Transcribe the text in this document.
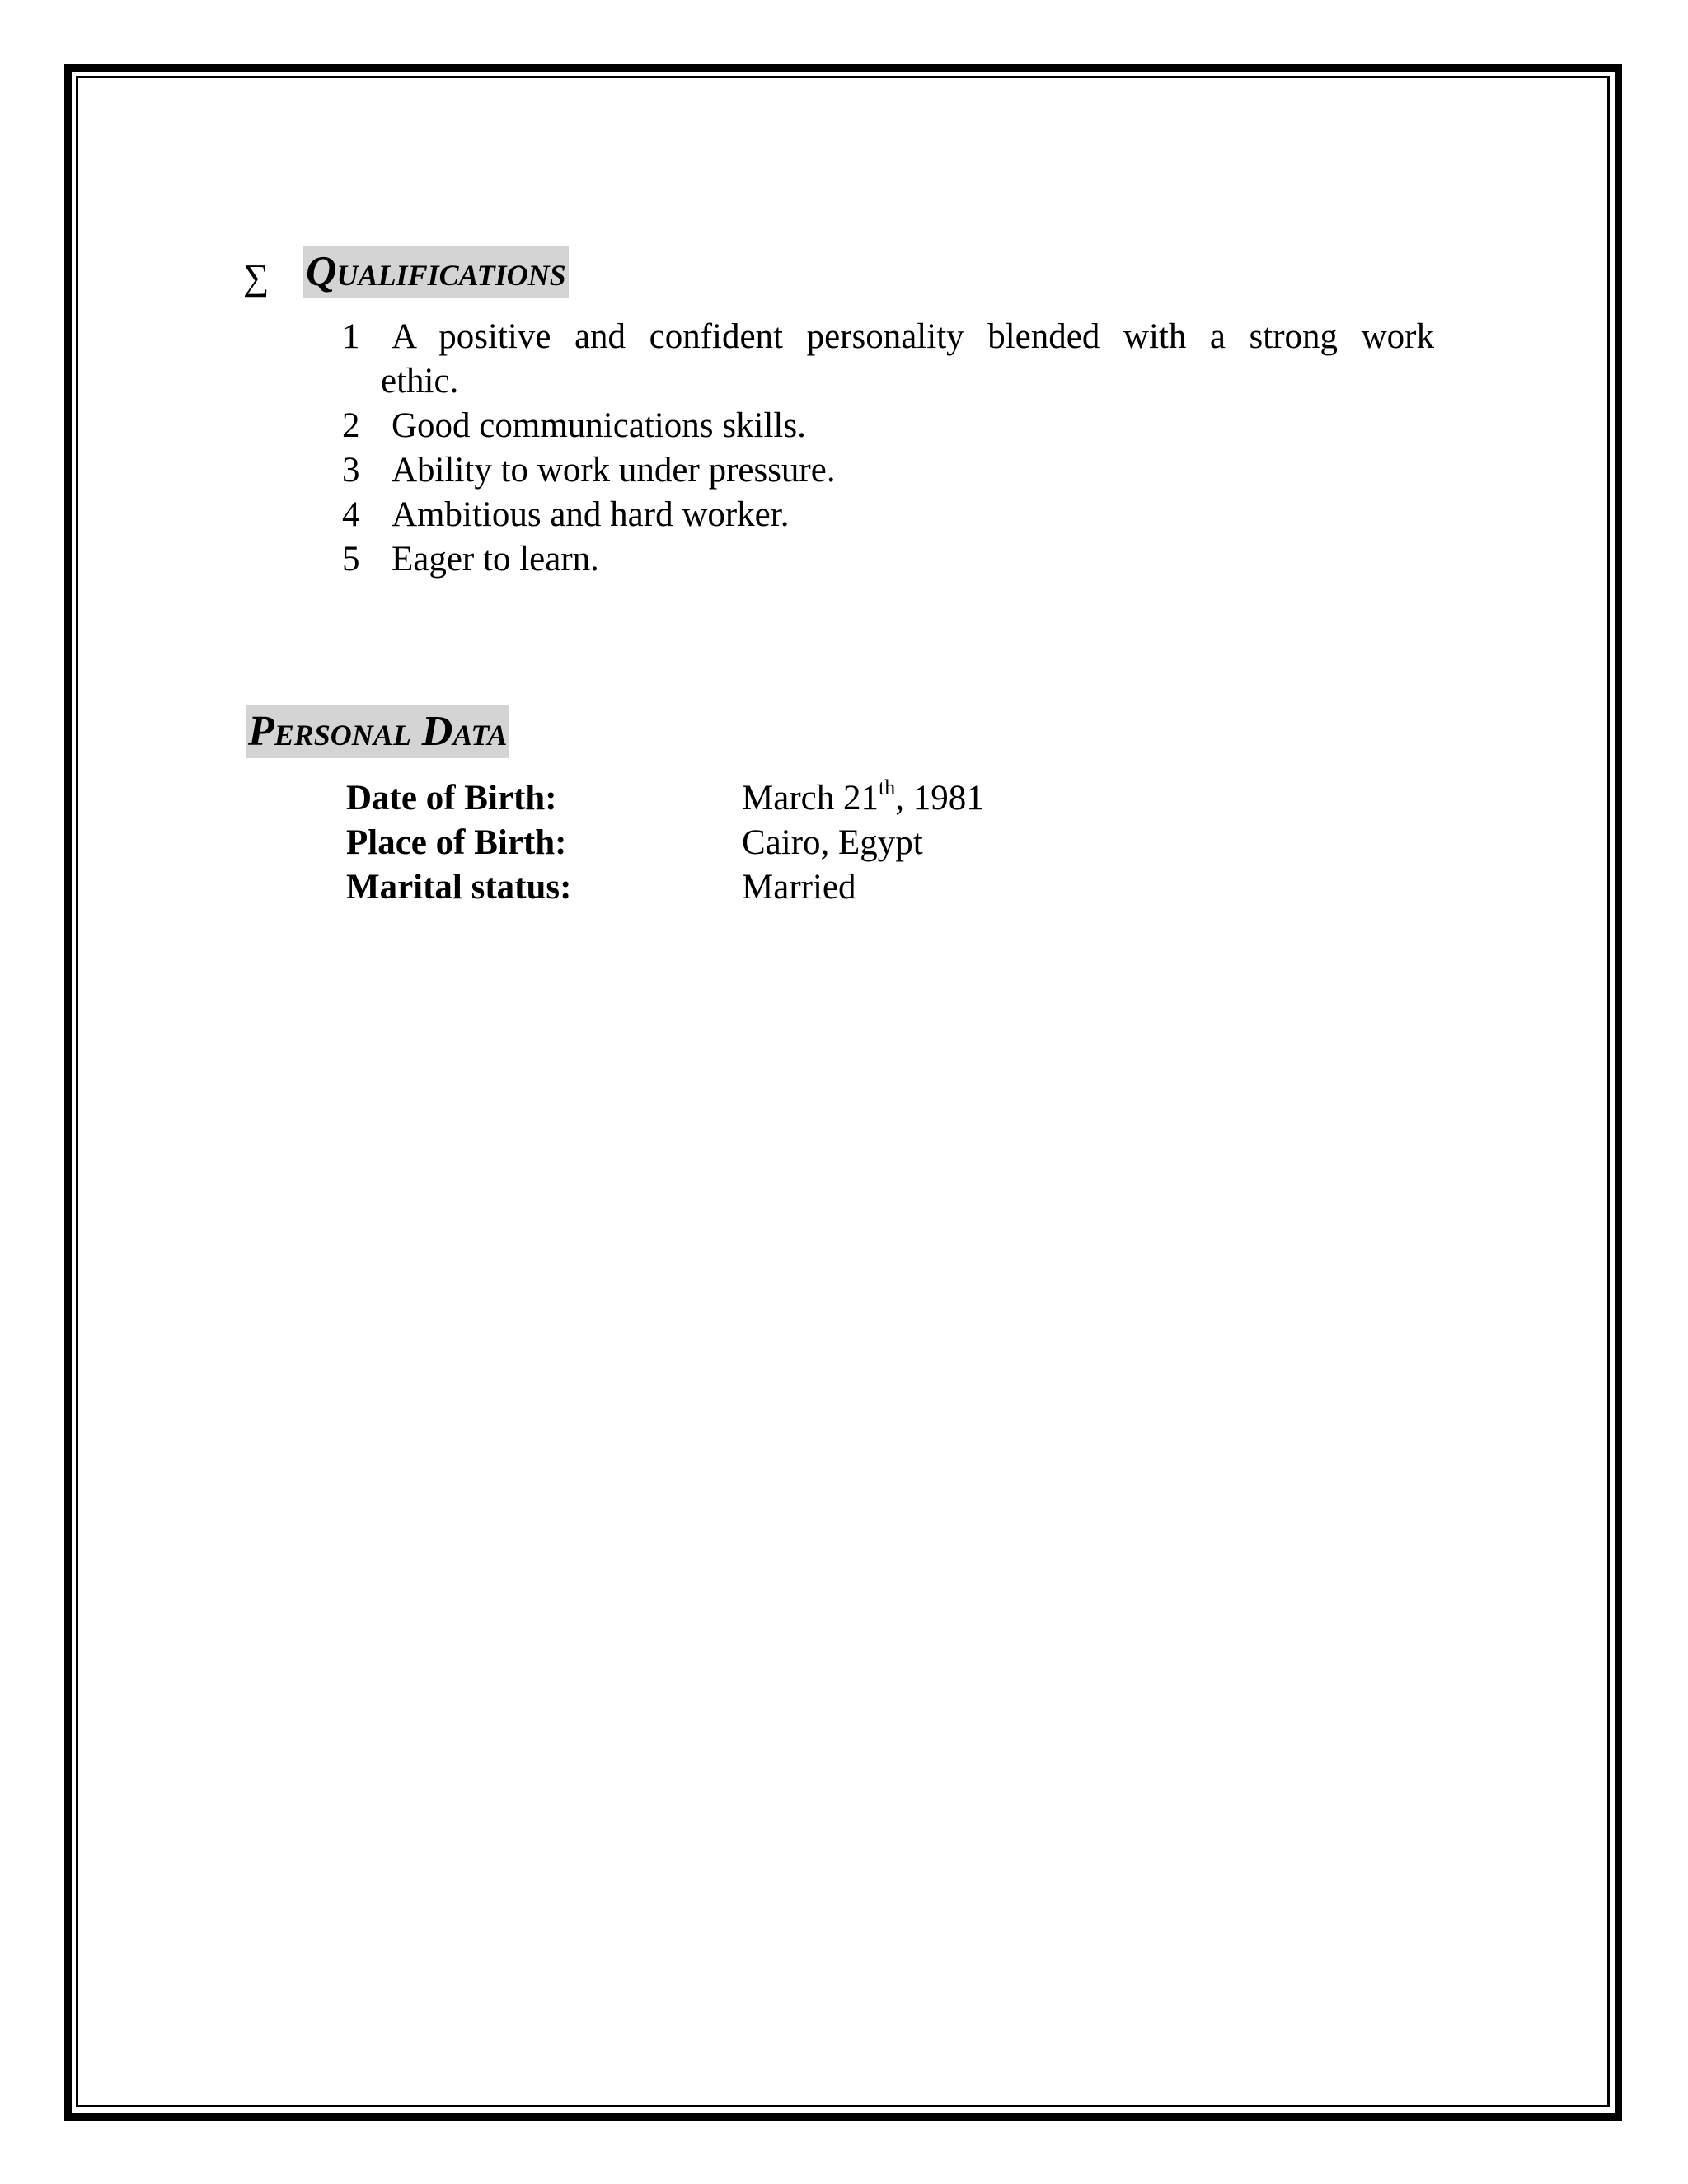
∑ Qualifications
1 A positive and confident personality blended with a strong work
ethic.
2 Good communications skills.
3 Ability to work under pressure.
4 Ambitious and hard worker.
5 Eager to learn.
Personal Data
Date of Birth:	March 21th, 1981
Place of Birth:	Cairo, Egypt
Marital status:	Married
